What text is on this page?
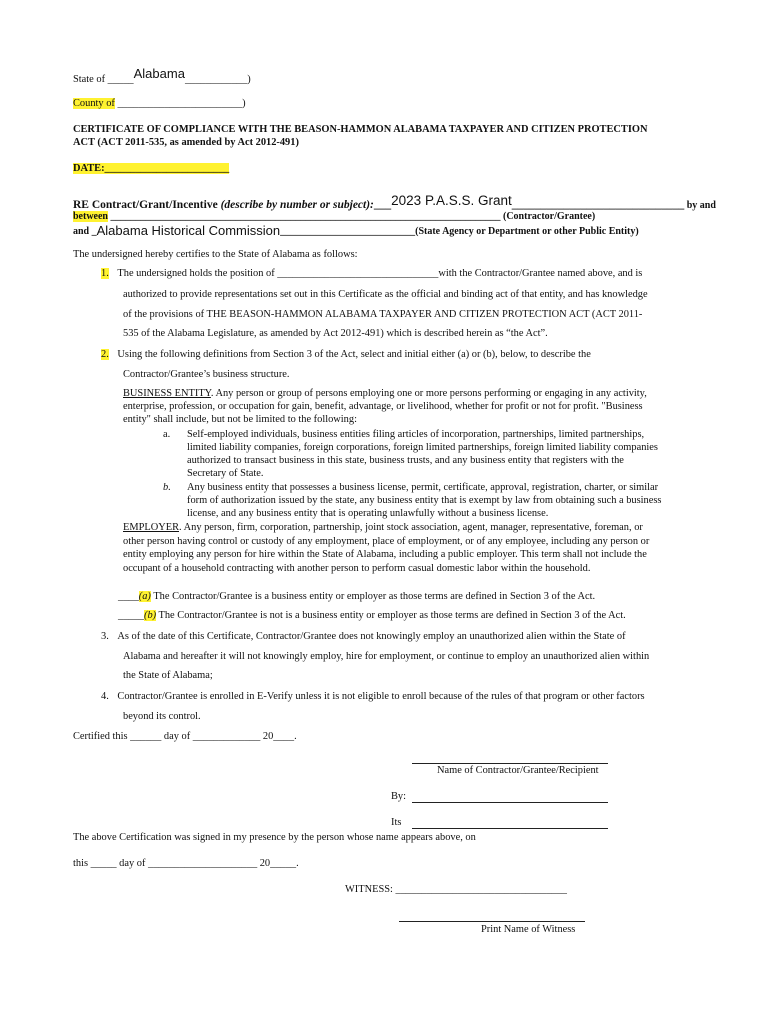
State of _____Alabama____________)
County of ________________________)
CERTIFICATE OF COMPLIANCE WITH THE BEASON-HAMMON ALABAMA TAXPAYER AND CITIZEN PROTECTION
ACT (ACT 2011-535, as amended by Act 2012-491)
DATE:________________________
RE Contract/Grant/Incentive (describe by number or subject):___2023 P.A.S.S. Grant______________________________ by and
between ______________________________________________________________________________ (Contractor/Grantee)
and _Alabama Historical Commission___________________________(State Agency or Department or other Public Entity)
The undersigned hereby certifies to the State of Alabama as follows:
1. The undersigned holds the position of _______________________________with the Contractor/Grantee named above, and is
authorized to provide representations set out in this Certificate as the official and binding act of that entity, and has knowledge
of the provisions of THE BEASON-HAMMON ALABAMA TAXPAYER AND CITIZEN PROTECTION ACT (ACT 2011-
535 of the Alabama Legislature, as amended by Act 2012-491) which is described herein as “the Act”.
2. Using the following definitions from Section 3 of the Act, select and initial either (a) or (b), below, to describe the
Contractor/Grantee’s business structure.
BUSINESS ENTITY. Any person or group of persons employing one or more persons performing or engaging in any activity,
enterprise, profession, or occupation for gain, benefit, advantage, or livelihood, whether for profit or not for profit. "Business
entity" shall include, but not be limited to the following:
a. Self-employed individuals, business entities filing articles of incorporation, partnerships, limited partnerships,
limited liability companies, foreign corporations, foreign limited partnerships, foreign limited liability companies
authorized to transact business in this state, business trusts, and any business entity that registers with the
Secretary of State.
b. Any business entity that possesses a business license, permit, certificate, approval, registration, charter, or similar
form of authorization issued by the state, any business entity that is exempt by law from obtaining such a business
license, and any business entity that is operating unlawfully without a business license.
EMPLOYER. Any person, firm, corporation, partnership, joint stock association, agent, manager, representative, foreman, or
other person having control or custody of any employment, place of employment, or of any employee, including any person or
entity employing any person for hire within the State of Alabama, including a public employer. This term shall not include the
occupant of a household contracting with another person to perform casual domestic labor within the household.
____(a) The Contractor/Grantee is a business entity or employer as those terms are defined in Section 3 of the Act.
_____(b) The Contractor/Grantee is not is a business entity or employer as those terms are defined in Section 3 of the Act.
3. As of the date of this Certificate, Contractor/Grantee does not knowingly employ an unauthorized alien within the State of
Alabama and hereafter it will not knowingly employ, hire for employment, or continue to employ an unauthorized alien within
the State of Alabama;
4. Contractor/Grantee is enrolled in E-Verify unless it is not eligible to enroll because of the rules of that program or other factors
beyond its control.
Certified this ______ day of _____________ 20____.
Name of Contractor/Grantee/Recipient
By:
Its
The above Certification was signed in my presence by the person whose name appears above, on
this _____ day of _____________________ 20_____.
WITNESS: _________________________________
Print Name of Witness
